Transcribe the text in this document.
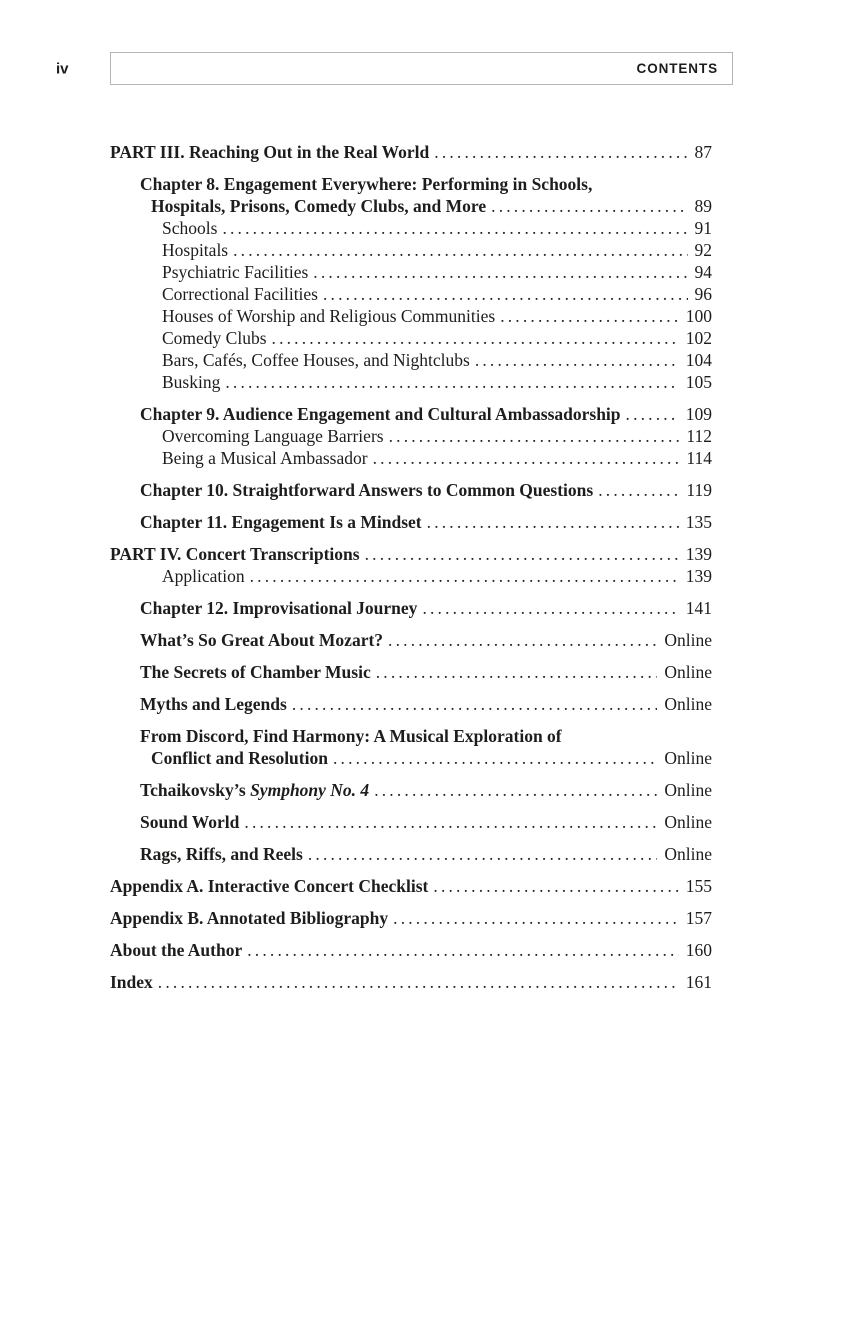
iv	CONTENTS
PART III. Reaching Out in the Real World . . .	87
Chapter 8. Engagement Everywhere: Performing in Schools,
Hospitals, Prisons, Comedy Clubs, and More . . .	89
Schools . . .	91
Hospitals . . .	92
Psychiatric Facilities . . .	94
Correctional Facilities . . .	96
Houses of Worship and Religious Communities . . .	100
Comedy Clubs . . .	102
Bars, Cafés, Coffee Houses, and Nightclubs . . .	104
Busking . . .	105
Chapter 9. Audience Engagement and Cultural Ambassadorship . . .	109
Overcoming Language Barriers . . .	112
Being a Musical Ambassador . . .	114
Chapter 10. Straightforward Answers to Common Questions . . .	119
Chapter 11. Engagement Is a Mindset . . .	135
PART IV. Concert Transcriptions . . .	139
Application . . .	139
Chapter 12. Improvisational Journey . . .	141
What’s So Great About Mozart? . . .	Online
The Secrets of Chamber Music . . .	Online
Myths and Legends . . .	Online
From Discord, Find Harmony: A Musical Exploration of
Conflict and Resolution . . .	Online
Tchaikovsky’s Symphony No. 4 . . .	Online
Sound World . . .	Online
Rags, Riffs, and Reels . . .	Online
Appendix A. Interactive Concert Checklist . . .	155
Appendix B. Annotated Bibliography . . .	157
About the Author . . .	160
Index . . .	161
